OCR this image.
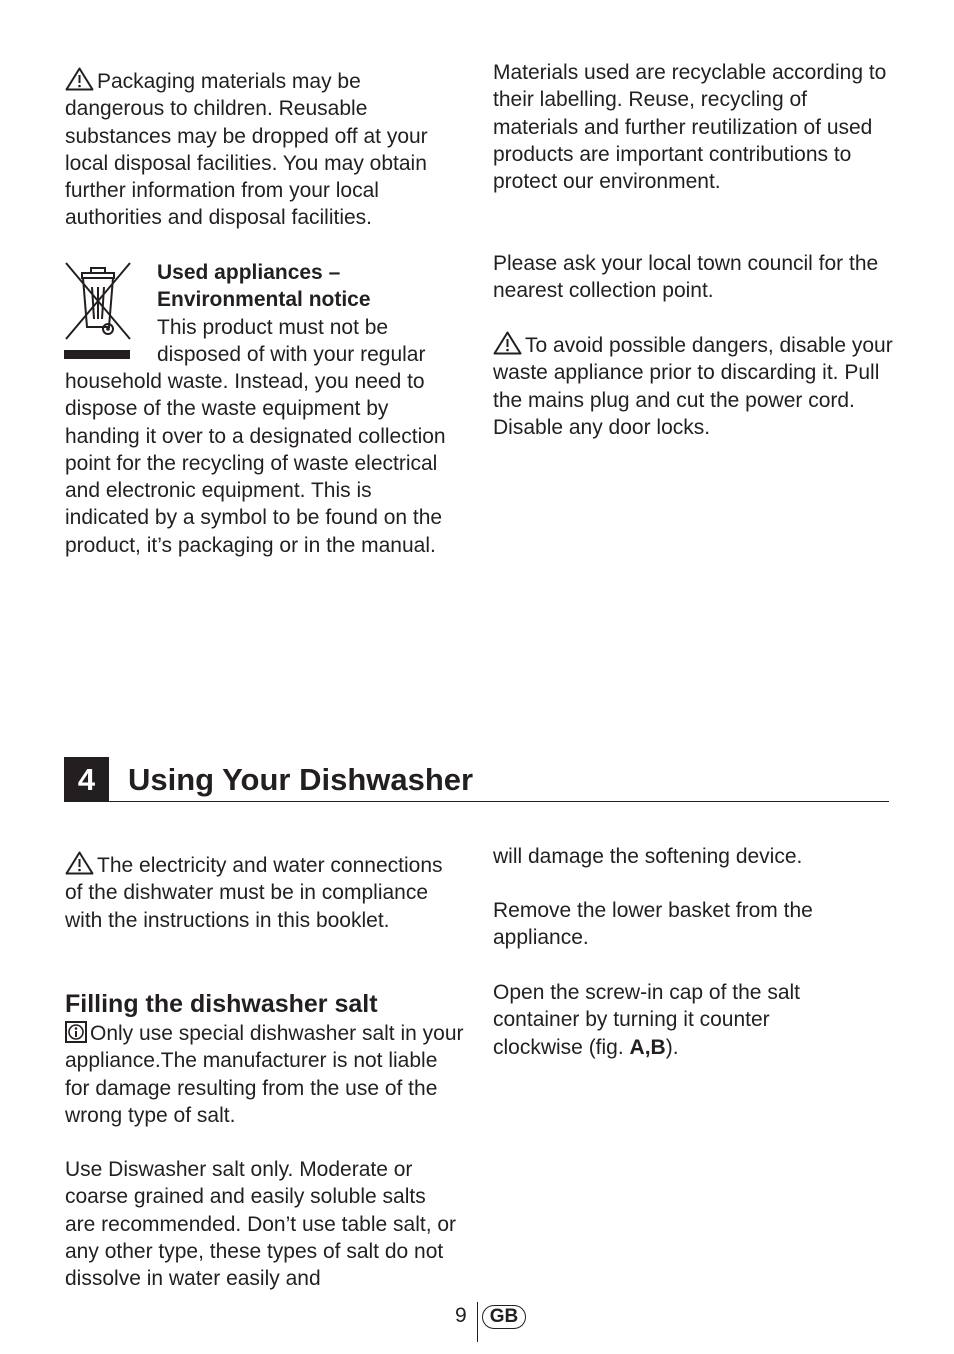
Packaging materials may be dangerous to children. Reusable substances may be dropped off at your local disposal facilities. You may obtain further information from your local authorities and disposal facilities.

Used appliances –
Environmental notice
This product must not be
disposed of with your regular

household waste. Instead, you need to dispose of the waste equipment by handing it over to a designated collection point for the recycling of waste electrical and electronic equipment. This is indicated by a symbol to be found on the product, it’s packaging or in the manual.

Materials used are recyclable according to their labelling. Reuse, recycling of materials and further reutilization of used products are important contributions to protect our environment.

Please ask your local town council for the nearest collection point.

To avoid possible dangers, disable your waste appliance prior to discarding it. Pull the mains plug and cut the power cord. Disable any door locks.

4	Using Your Dishwasher

The electricity and water connections of the dishwater must be in compliance with the instructions in this booklet.

Filling the dishwasher salt

Only use special dishwasher salt in your appliance.The manufacturer is not liable for damage resulting from the use of the wrong type of salt.

Use Diswasher salt only. Moderate or coarse grained and easily soluble salts are recommended. Don’t use table salt, or any other type, these types of salt do not dissolve in water easily and

will damage the softening device.

Remove the lower basket from the appliance.

Open the screw-in cap of the salt container by turning it counter clockwise (fig. A,B).

9	GB
